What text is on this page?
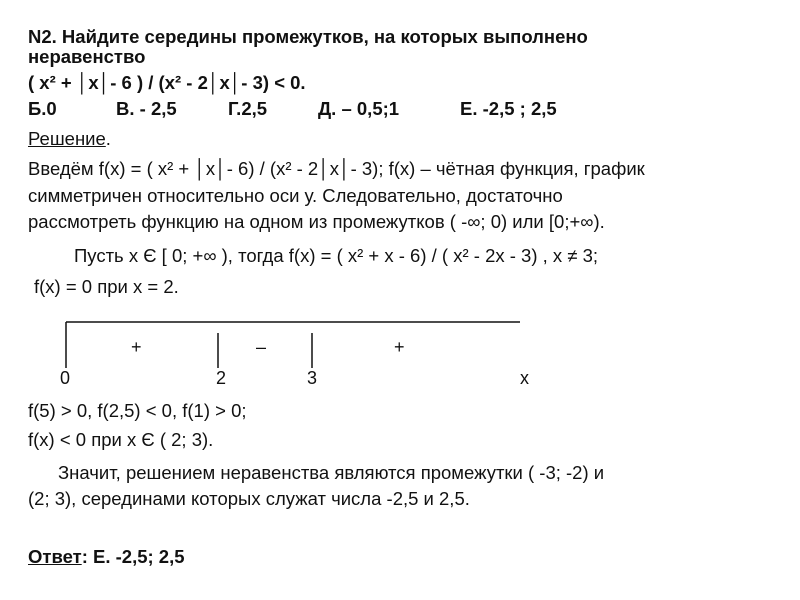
N2. Найдите середины промежутков, на которых выполнено
неравенство
( x² + │x│- 6 ) / (x² - 2│x│- 3) < 0.
Б.0	В. - 2,5	Г.2,5	Д. – 0,5;1	Е. -2,5 ; 2,5
Решение.
Введём f(x) = ( x² + │x│- 6) / (x² - 2│x│- 3); f(x) – чётная функция, график
симметричен относительно оси у. Следовательно, достаточно
рассмотреть функцию на одном из промежутков ( -∞; 0) или [0;+∞).
Пусть x Є [ 0; +∞ ), тогда f(x) = ( x² + x - 6) / ( x² - 2x - 3) , x ≠ 3;
f(x) = 0 при x = 2.
+	–	+
0	2	3	x
f(5) > 0, f(2,5) < 0, f(1) > 0;
f(x) < 0 при x Є ( 2; 3).
Значит, решением неравенства являются промежутки ( -3; -2) и
(2; 3), серединами которых служат числа -2,5 и 2,5.
Ответ: Е. -2,5; 2,5
